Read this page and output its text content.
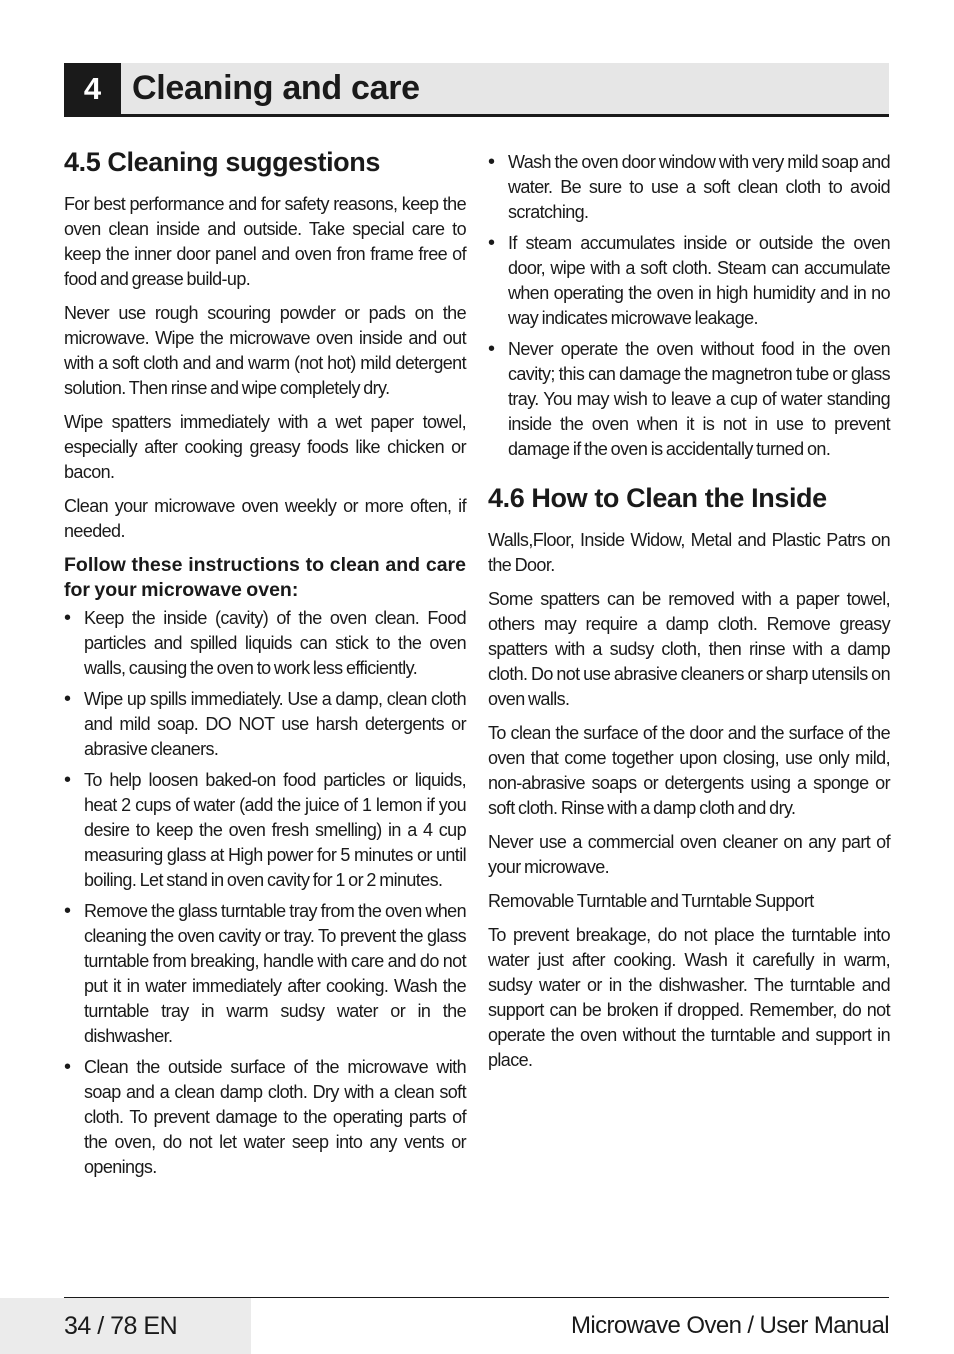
4 Cleaning and care
4.5 Cleaning suggestions

For best performance and for safety reasons, keep the oven clean inside and outside. Take special care to keep the inner door panel and oven fron frame free of food and grease build-up.

Never use rough scouring powder or pads on the microwave. Wipe the microwave oven inside and out with a soft cloth and and warm (not hot) mild detergent solution. Then rinse and wipe completely dry.

Wipe spatters immediately with a wet paper towel, especially after cooking greasy foods like chicken or bacon.

Clean your microwave oven weekly or more often, if needed.

Follow these instructions to clean and care for your microwave oven:

• Keep the inside (cavity) of the oven clean. Food particles and spilled liquids can stick to the oven walls, causing the oven to work less efficiently.
• Wipe up spills immediately. Use a damp, clean cloth and mild soap. DO NOT use harsh detergents or abrasive cleaners.
• To help loosen baked-on food particles or liquids, heat 2 cups of water (add the juice of 1 lemon if you desire to keep the oven fresh smelling) in a 4 cup measuring glass at High power for 5 minutes or until boiling. Let stand in oven cavity for 1 or 2 minutes.
• Remove the glass turntable tray from the oven when cleaning the oven cavity or tray. To prevent the glass turntable from breaking, handle with care and do not put it in water immediately after cooking. Wash the turntable tray in warm sudsy water or in the dishwasher.
• Clean the outside surface of the microwave with soap and a clean damp cloth. Dry with a clean soft cloth. To prevent damage to the operating parts of the oven, do not let water seep into any vents or openings.
• Wash the oven door window with very mild soap and water. Be sure to use a soft clean cloth to avoid scratching.
• If steam accumulates inside or outside the oven door, wipe with a soft cloth. Steam can accumulate when operating the oven in high humidity and in no way indicates microwave leakage.
• Never operate the oven without food in the oven cavity; this can damage the magnetron tube or glass tray. You may wish to leave a cup of water standing inside the oven when it is not in use to prevent damage if the oven is accidentally turned on.
4.6 How to Clean the Inside

Walls,Floor, Inside Widow, Metal and Plastic Patrs on the Door.

Some spatters can be removed with a paper towel, others may require a damp cloth. Remove greasy spatters with a sudsy cloth, then rinse with a damp cloth. Do not use abrasive cleaners or sharp utensils on oven walls.

To clean the surface of the door and the surface of the oven that come together upon closing, use only mild, non-abrasive soaps or detergents using a sponge or soft cloth. Rinse with a damp cloth and dry.

Never use a commercial oven cleaner on any part of your microwave.

Removable Turntable and Turntable Support

To prevent breakage, do not place the turntable into water just after cooking. Wash it carefully in warm, sudsy water or in the dishwasher. The turntable and support can be broken if dropped. Remember, do not operate the oven without the turntable and support in place.

34 / 78 EN	Microwave Oven / User Manual
